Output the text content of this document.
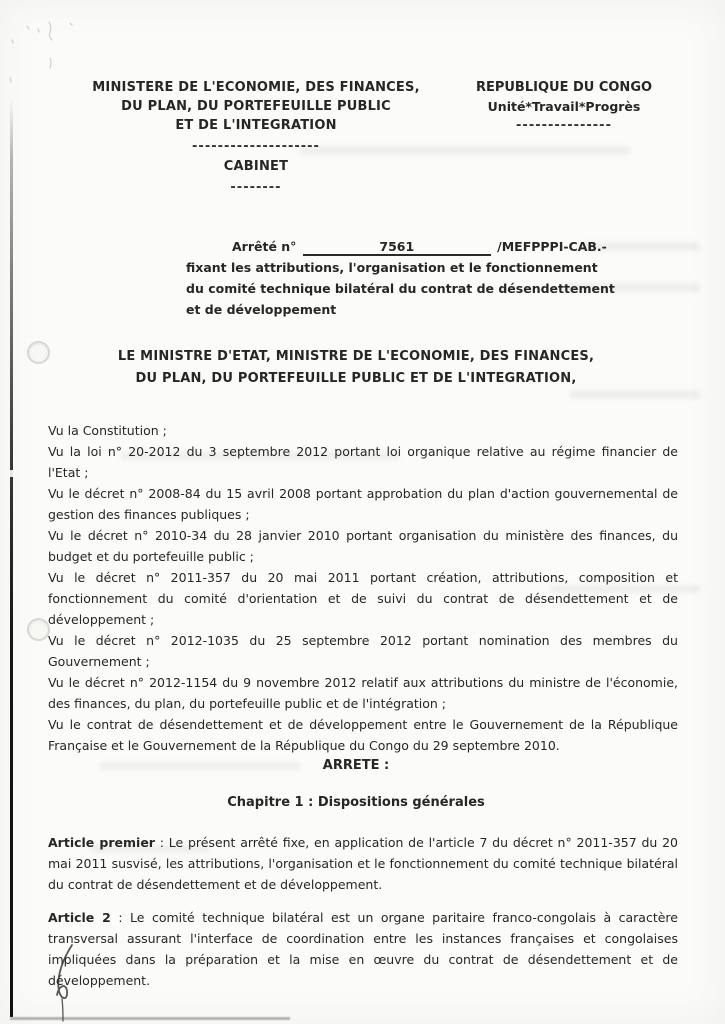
MINISTERE DE L'ECONOMIE, DES FINANCES,
DU PLAN, DU PORTEFEUILLE PUBLIC
ET DE L'INTEGRATION
--------------------
CABINET
--------
REPUBLIQUE DU CONGO
Unité*Travail*Progrès
---------------
Arrêté n°	7561	/MEFPPPI-CAB.-
fixant les attributions, l'organisation et le fonctionnement
du comité technique bilatéral du contrat de désendettement
et de développement
LE MINISTRE D'ETAT, MINISTRE DE L'ECONOMIE, DES FINANCES,
DU PLAN, DU PORTEFEUILLE PUBLIC ET DE L'INTEGRATION,

Vu la Constitution ;

Vu la loi n° 20-2012 du 3 septembre 2012 portant loi organique relative au régime financier de l'Etat ;

Vu le décret n° 2008-84 du 15 avril 2008 portant approbation du plan d'action gouvernemental de gestion des finances publiques ;

Vu le décret n° 2010-34 du 28 janvier 2010 portant organisation du ministère des finances, du budget et du portefeuille public ;

Vu le décret n° 2011-357 du 20 mai 2011 portant création, attributions, composition et fonctionnement du comité d'orientation et de suivi du contrat de désendettement et de développement ;

Vu le décret n° 2012-1035 du 25 septembre 2012 portant nomination des membres du Gouvernement ;

Vu le décret n° 2012-1154 du 9 novembre 2012 relatif aux attributions du ministre de l'économie, des finances, du plan, du portefeuille public et de l'intégration ;

Vu le contrat de désendettement et de développement entre le Gouvernement de la République Française et le Gouvernement de la République du Congo du 29 septembre 2010.

ARRETE :
Chapitre 1 : Dispositions générales

Article premier : Le présent arrêté fixe, en application de l'article 7 du décret n° 2011-357 du 20 mai 2011 susvisé, les attributions, l'organisation et le fonctionnement du comité technique bilatéral du contrat de désendettement et de développement.

Article 2 : Le comité technique bilatéral est un organe paritaire franco-congolais à caractère transversal assurant l'interface de coordination entre les instances françaises et congolaises impliquées dans la préparation et la mise en œuvre du contrat de désendettement et de développement.
